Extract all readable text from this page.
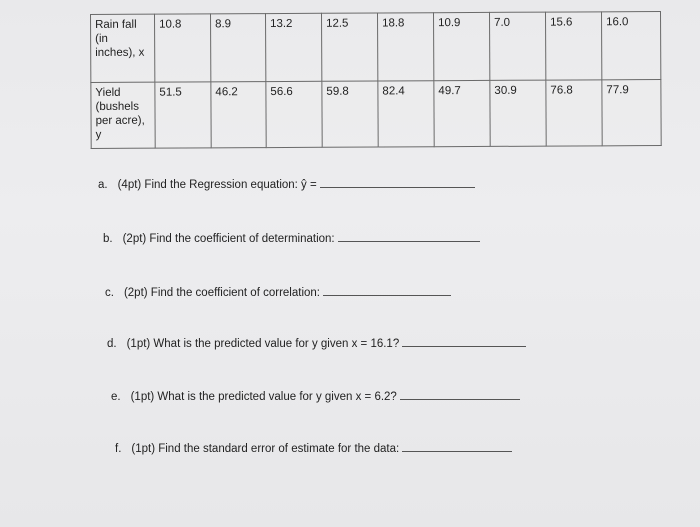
Rain fall (in inches), x	10.8	8.9	13.2	12.5	18.8	10.9	7.0	15.6	16.0
Yield (bushels per acre), y	51.5	46.2	56.6	59.8	82.4	49.7	30.9	76.8	77.9
a. (4pt) Find the Regression equation: ŷ =
b. (2pt) Find the coefficient of determination:
c. (2pt) Find the coefficient of correlation:
d. (1pt) What is the predicted value for y given x = 16.1?
e. (1pt) What is the predicted value for y given x = 6.2?
f. (1pt) Find the standard error of estimate for the data:
